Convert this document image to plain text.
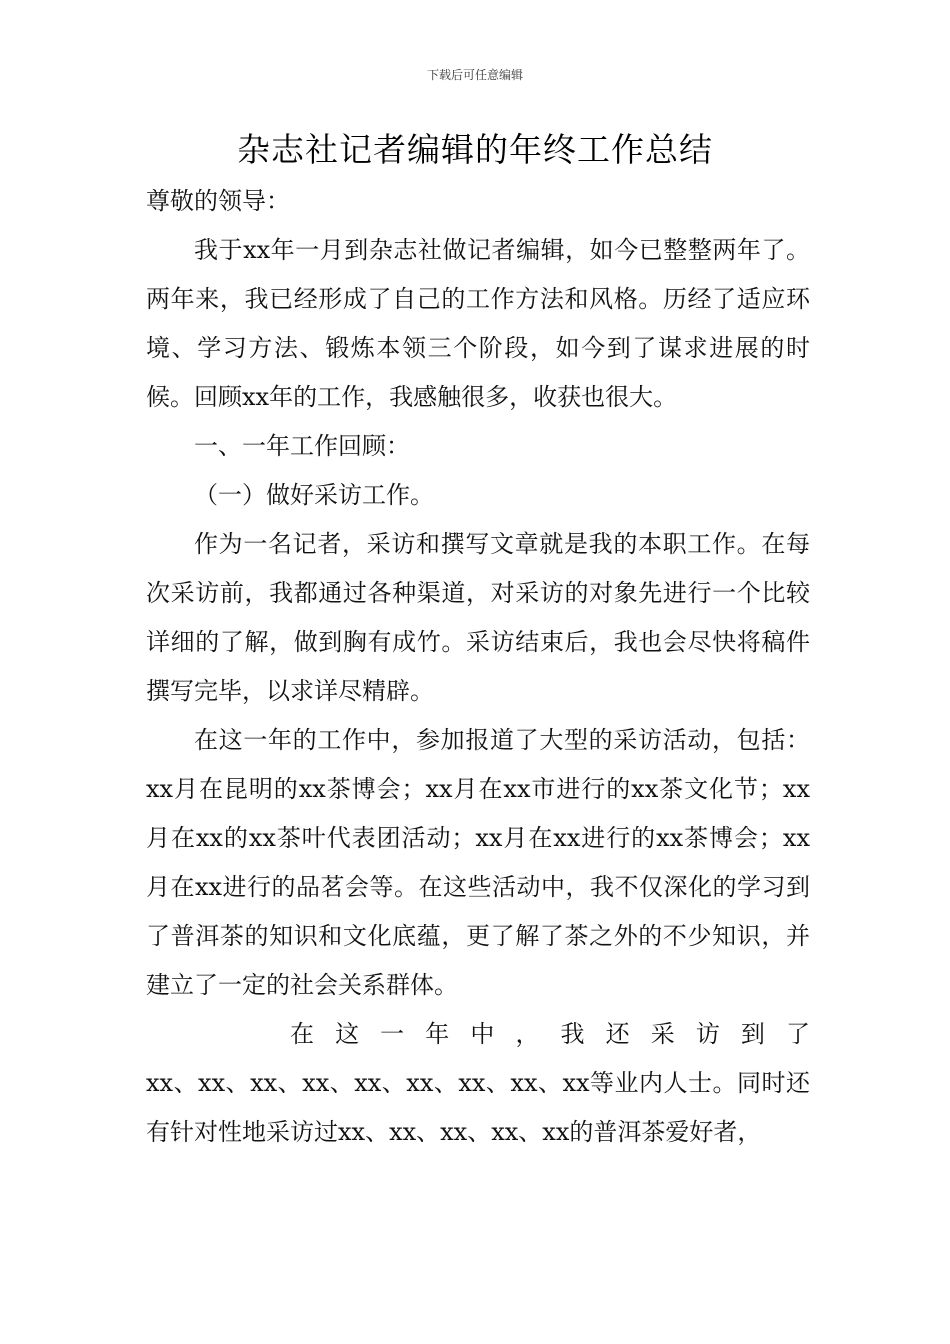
下载后可任意编辑
杂志社记者编辑的年终工作总结

尊敬的领导：

我于xx年一月到杂志社做记者编辑，如今已整整两年了。两年来，我已经形成了自己的工作方法和风格。历经了适应环境、学习方法、锻炼本领三个阶段，如今到了谋求进展的时候。回顾xx年的工作，我感触很多，收获也很大。

一、一年工作回顾：

（一）做好采访工作。

作为一名记者，采访和撰写文章就是我的本职工作。在每次采访前，我都通过各种渠道，对采访的对象先进行一个比较详细的了解，做到胸有成竹。采访结束后，我也会尽快将稿件撰写完毕，以求详尽精辟。

在这一年的工作中，参加报道了大型的采访活动，包括：xx月在昆明的xx茶博会；xx月在xx市进行的xx茶文化节；xx月在xx的xx茶叶代表团活动；xx月在xx进行的xx茶博会；xx月在xx进行的品茗会等。在这些活动中，我不仅深化的学习到了普洱茶的知识和文化底蕴，更了解了茶之外的不少知识，并建立了一定的社会关系群体。

在这一年中，我还采访到了

xx、xx、xx、xx、xx、xx、xx、xx、xx等业内人士。同时还有针对性地采访过xx、xx、xx、xx、xx的普洱茶爱好者，
